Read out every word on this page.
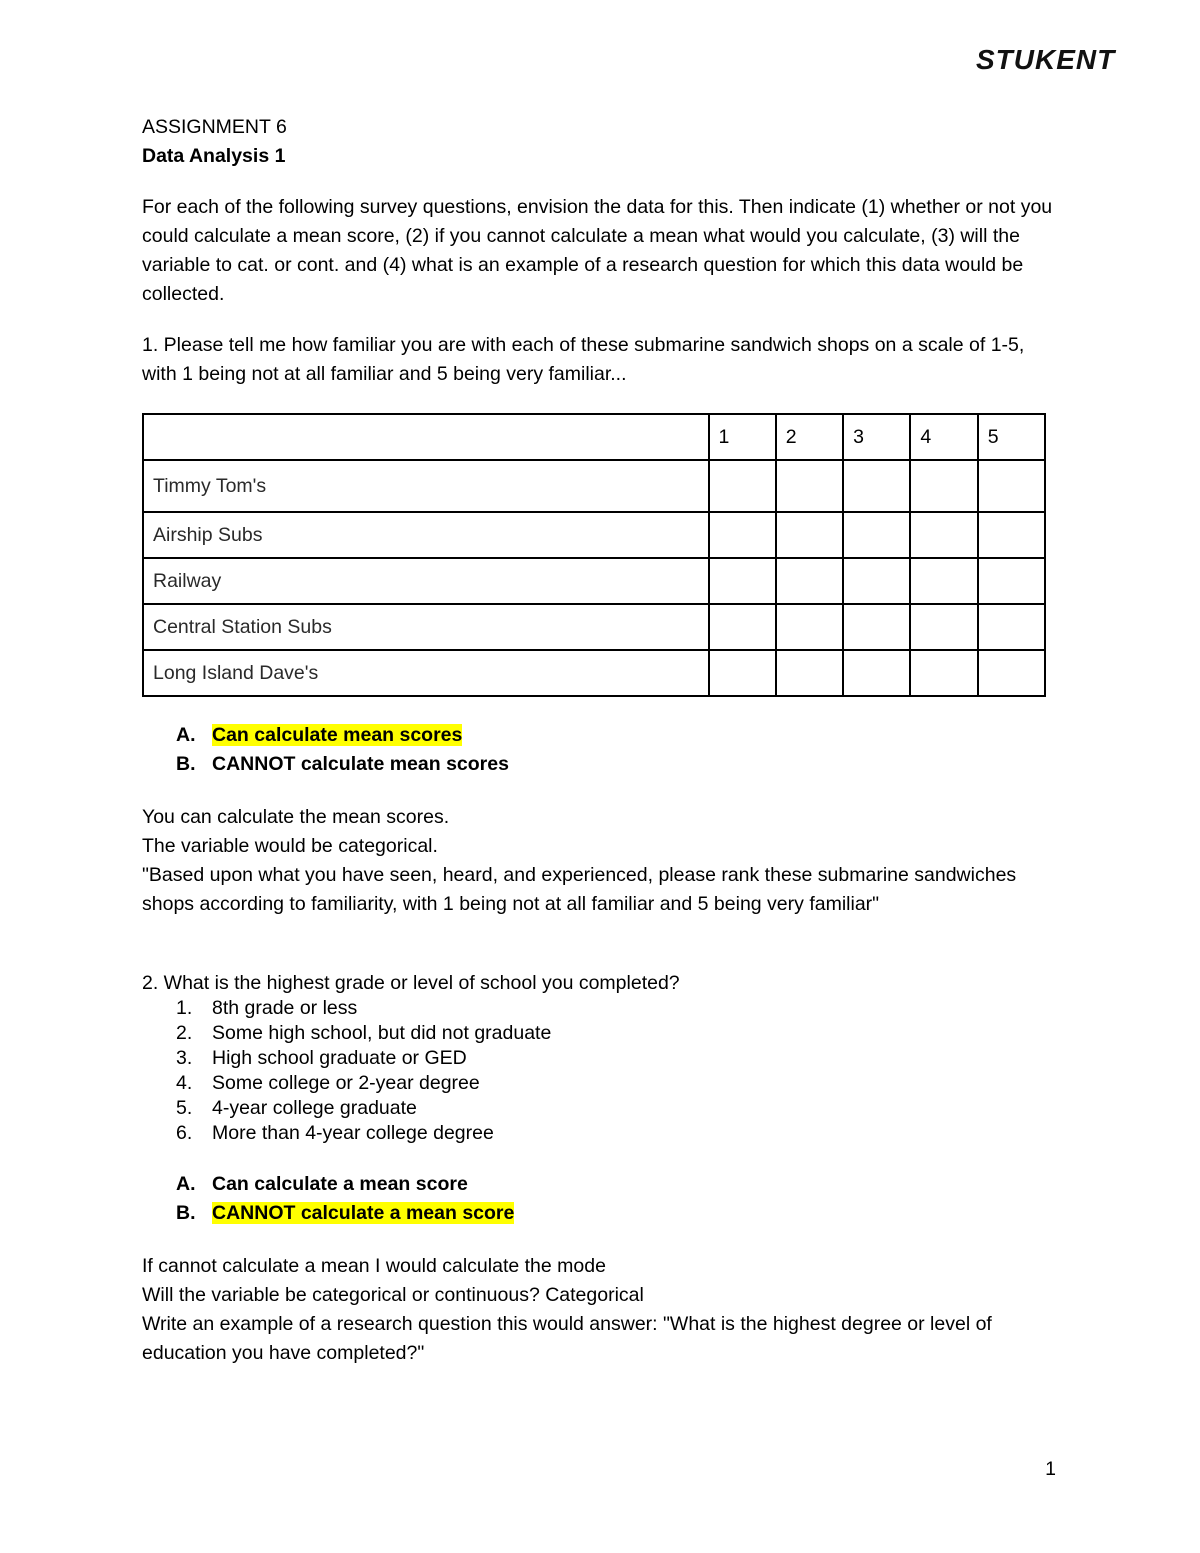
STUKENT

ASSIGNMENT 6

Data Analysis 1

For each of the following survey questions, envision the data for this. Then indicate (1) whether or not you could calculate a mean score, (2) if you cannot calculate a mean what would you calculate, (3) will the variable to cat. or cont. and (4) what is an example of a research question for which this data would be collected.

1. Please tell me how familiar you are with each of these submarine sandwich shops on a scale of 1-5, with 1 being not at all familiar and 5 being very familiar...

	1	2	3	4	5
Timmy Tom's					
Airship Subs					
Railway					
Central Station Subs					
Long Island Dave's					
A. Can calculate mean scores
B. CANNOT calculate mean scores

You can calculate the mean scores.

The variable would be categorical.

"Based upon what you have seen, heard, and experienced, please rank these submarine sandwiches shops according to familiarity, with 1 being not at all familiar and 5 being very familiar"

2. What is the highest grade or level of school you completed?

1. 8th grade or less
2. Some high school, but did not graduate
3. High school graduate or GED
4. Some college or 2-year degree
5. 4-year college graduate
6. More than 4-year college degree
A. Can calculate a mean score
B. CANNOT calculate a mean score

If cannot calculate a mean I would calculate the mode

Will the variable be categorical or continuous? Categorical

Write an example of a research question this would answer: "What is the highest degree or level of education you have completed?"

1
